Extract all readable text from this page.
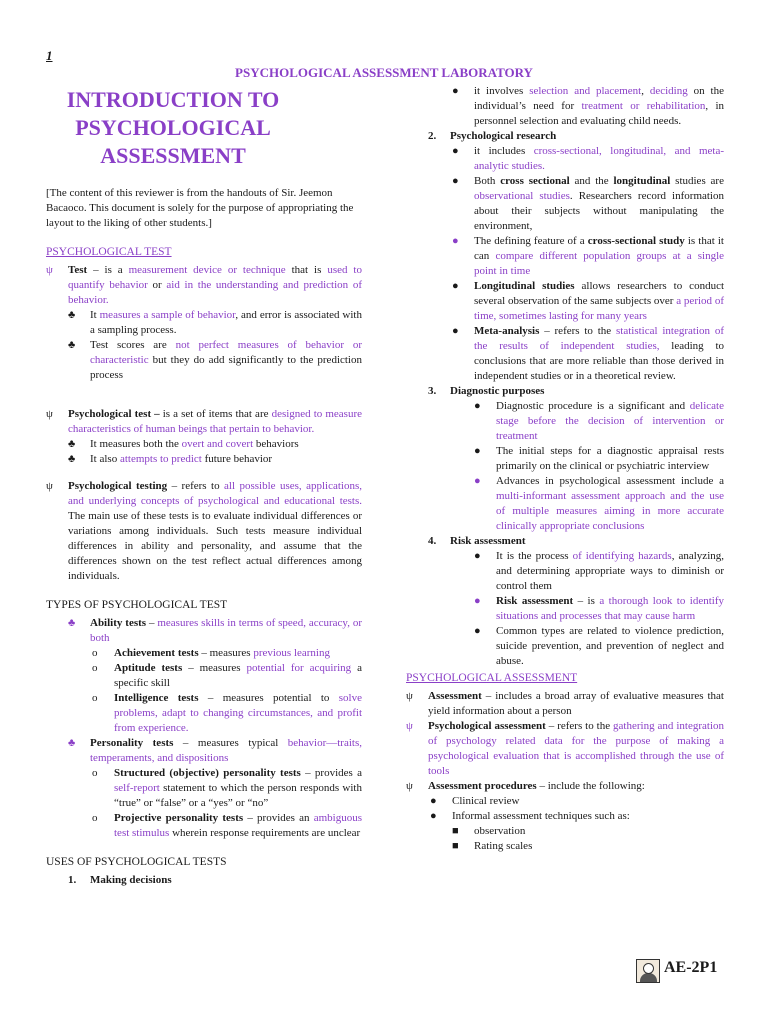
1
PSYCHOLOGICAL ASSESSMENT LABORATORY
INTRODUCTION TO
PSYCHOLOGICAL
ASSESSMENT
[The content of this reviewer is from the handouts of Sir. Jeemon Bacaoco. This document is solely for the purpose of appropriating the layout to the liking of other students.]
PSYCHOLOGICAL TEST
ψ Test – is a measurement device or technique that is used to quantify behavior or aid in the understanding and prediction of behavior.
♣ It measures a sample of behavior, and error is associated with a sampling process.
♣ Test scores are not perfect measures of behavior or characteristic but they do add significantly to the prediction process
ψ Psychological test – is a set of items that are designed to measure characteristics of human beings that pertain to behavior.
♣ It measures both the overt and covert behaviors
♣ It also attempts to predict future behavior
ψ Psychological testing – refers to all possible uses, applications, and underlying concepts of psychological and educational tests. The main use of these tests is to evaluate individual differences or variations among individuals. Such tests measure individual differences in ability and personality, and assume that the differences shown on the test reflect actual differences among individuals.
TYPES OF PSYCHOLOGICAL TEST
♣ Ability tests – measures skills in terms of speed, accuracy, or both
o Achievement tests – measures previous learning
o Aptitude tests – measures potential for acquiring a specific skill
o Intelligence tests – measures potential to solve problems, adapt to changing circumstances, and profit from experience.
♣ Personality tests – measures typical behavior—traits, temperaments, and dispositions
o Structured (objective) personality tests – provides a self-report statement to which the person responds with “true” or “false” or a “yes” or “no”
o Projective personality tests – provides an ambiguous test stimulus wherein response requirements are unclear
USES OF PSYCHOLOGICAL TESTS
1. Making decisions
● it involves selection and placement, deciding on the individual’s need for treatment or rehabilitation, in personnel selection and evaluating child needs.
2. Psychological research
● it includes cross-sectional, longitudinal, and meta-analytic studies.
● Both cross sectional and the longitudinal studies are observational studies. Researchers record information about their subjects without manipulating the environment,
● The defining feature of a cross-sectional study is that it can compare different population groups at a single point in time
● Longitudinal studies allows researchers to conduct several observation of the same subjects over a period of time, sometimes lasting for many years
● Meta-analysis – refers to the statistical integration of the results of independent studies, leading to conclusions that are more reliable than those derived in independent studies or in a theoretical review.
3. Diagnostic purposes
● Diagnostic procedure is a significant and delicate stage before the decision of intervention or treatment
● The initial steps for a diagnostic appraisal rests primarily on the clinical or psychiatric interview
● Advances in psychological assessment include a multi-informant assessment approach and the use of multiple measures aiming in more accurate clinically appropriate conclusions
4. Risk assessment
● It is the process of identifying hazards, analyzing, and determining appropriate ways to diminish or control them
● Risk assessment – is a thorough look to identify situations and processes that may cause harm
● Common types are related to violence prediction, suicide prevention, and prevention of neglect and abuse.
PSYCHOLOGICAL ASSESSMENT
ψ Assessment – includes a broad array of evaluative measures that yield information about a person
ψ Psychological assessment – refers to the gathering and integration of psychology related data for the purpose of making a psychological evaluation that is accomplished through the use of tools
ψ Assessment procedures – include the following:
● Clinical review
● Informal assessment techniques such as:
■ observation
■ Rating scales
AE-2P1
